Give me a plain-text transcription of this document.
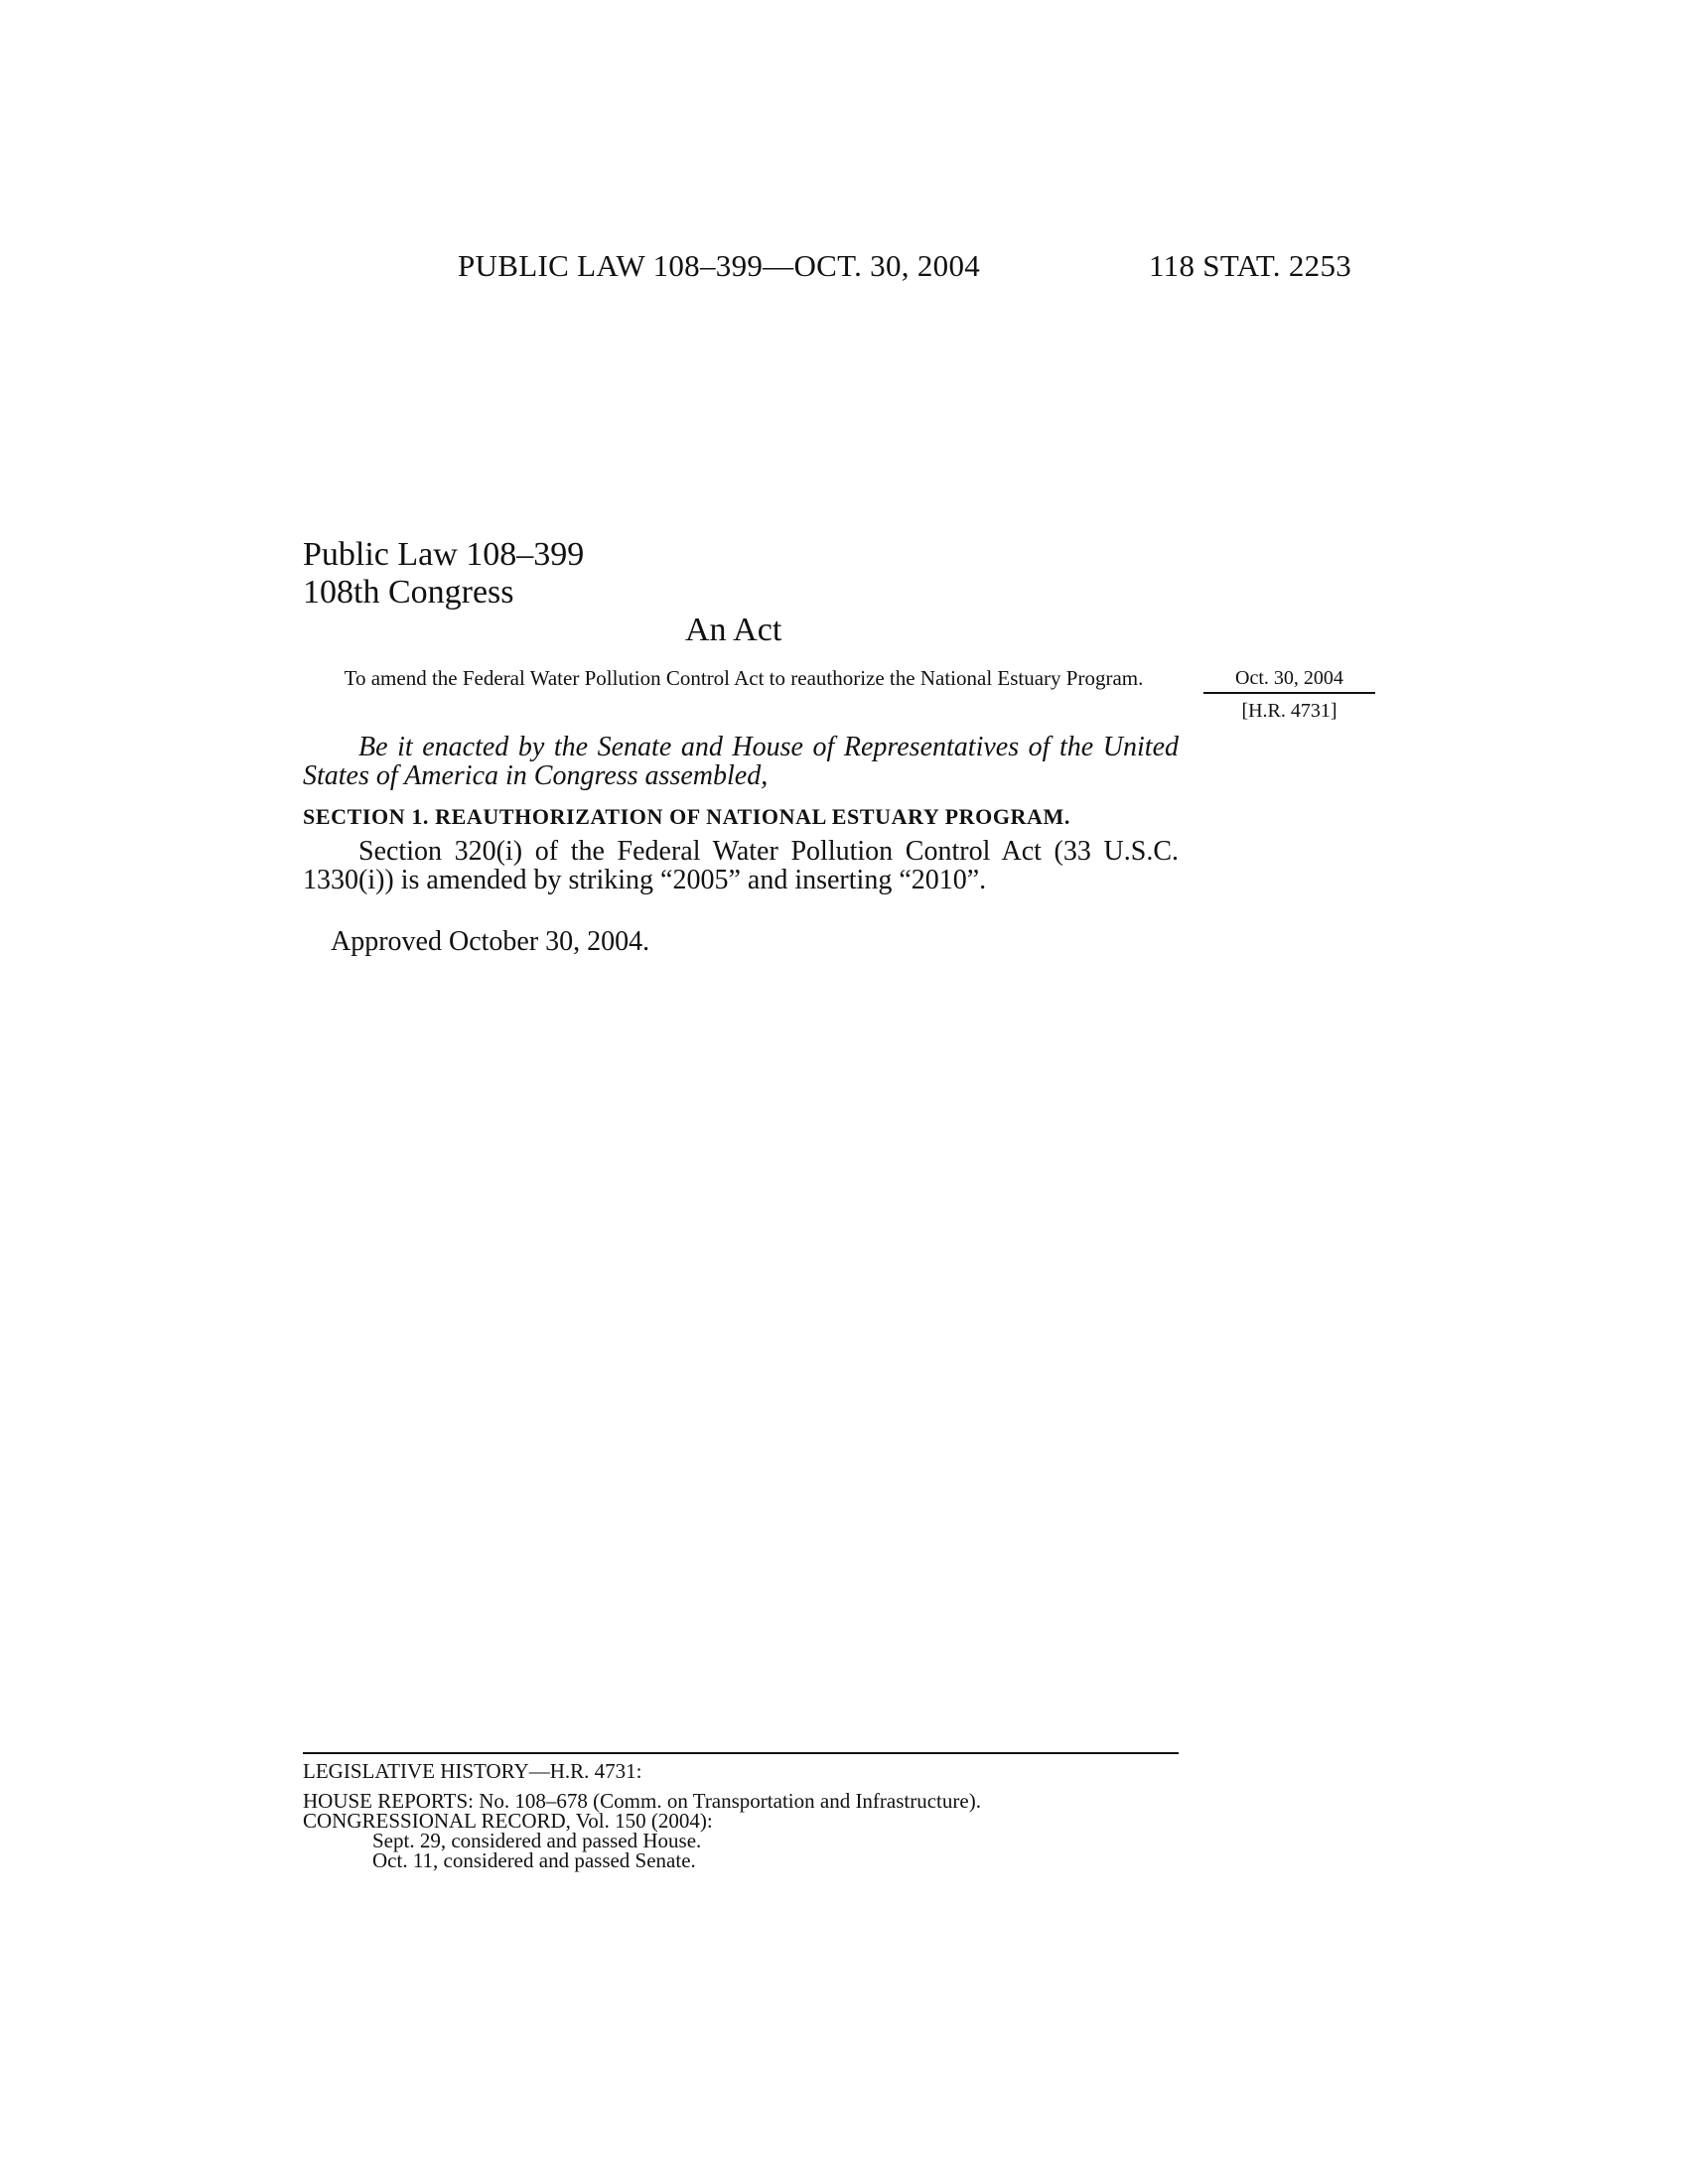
PUBLIC LAW 108–399—OCT. 30, 2004	118 STAT. 2253
Public Law 108–399
108th Congress
An Act
To amend the Federal Water Pollution Control Act to reauthorize the National Estuary Program.	Oct. 30, 2004
[H.R. 4731]
Be it enacted by the Senate and House of Representatives of the United States of America in Congress assembled,
SECTION 1. REAUTHORIZATION OF NATIONAL ESTUARY PROGRAM.
Section 320(i) of the Federal Water Pollution Control Act (33 U.S.C. 1330(i)) is amended by striking “2005” and inserting “2010”.
Approved October 30, 2004.
LEGISLATIVE HISTORY—H.R. 4731:
HOUSE REPORTS: No. 108–678 (Comm. on Transportation and Infrastructure).
CONGRESSIONAL RECORD, Vol. 150 (2004):
Sept. 29, considered and passed House.
Oct. 11, considered and passed Senate.
